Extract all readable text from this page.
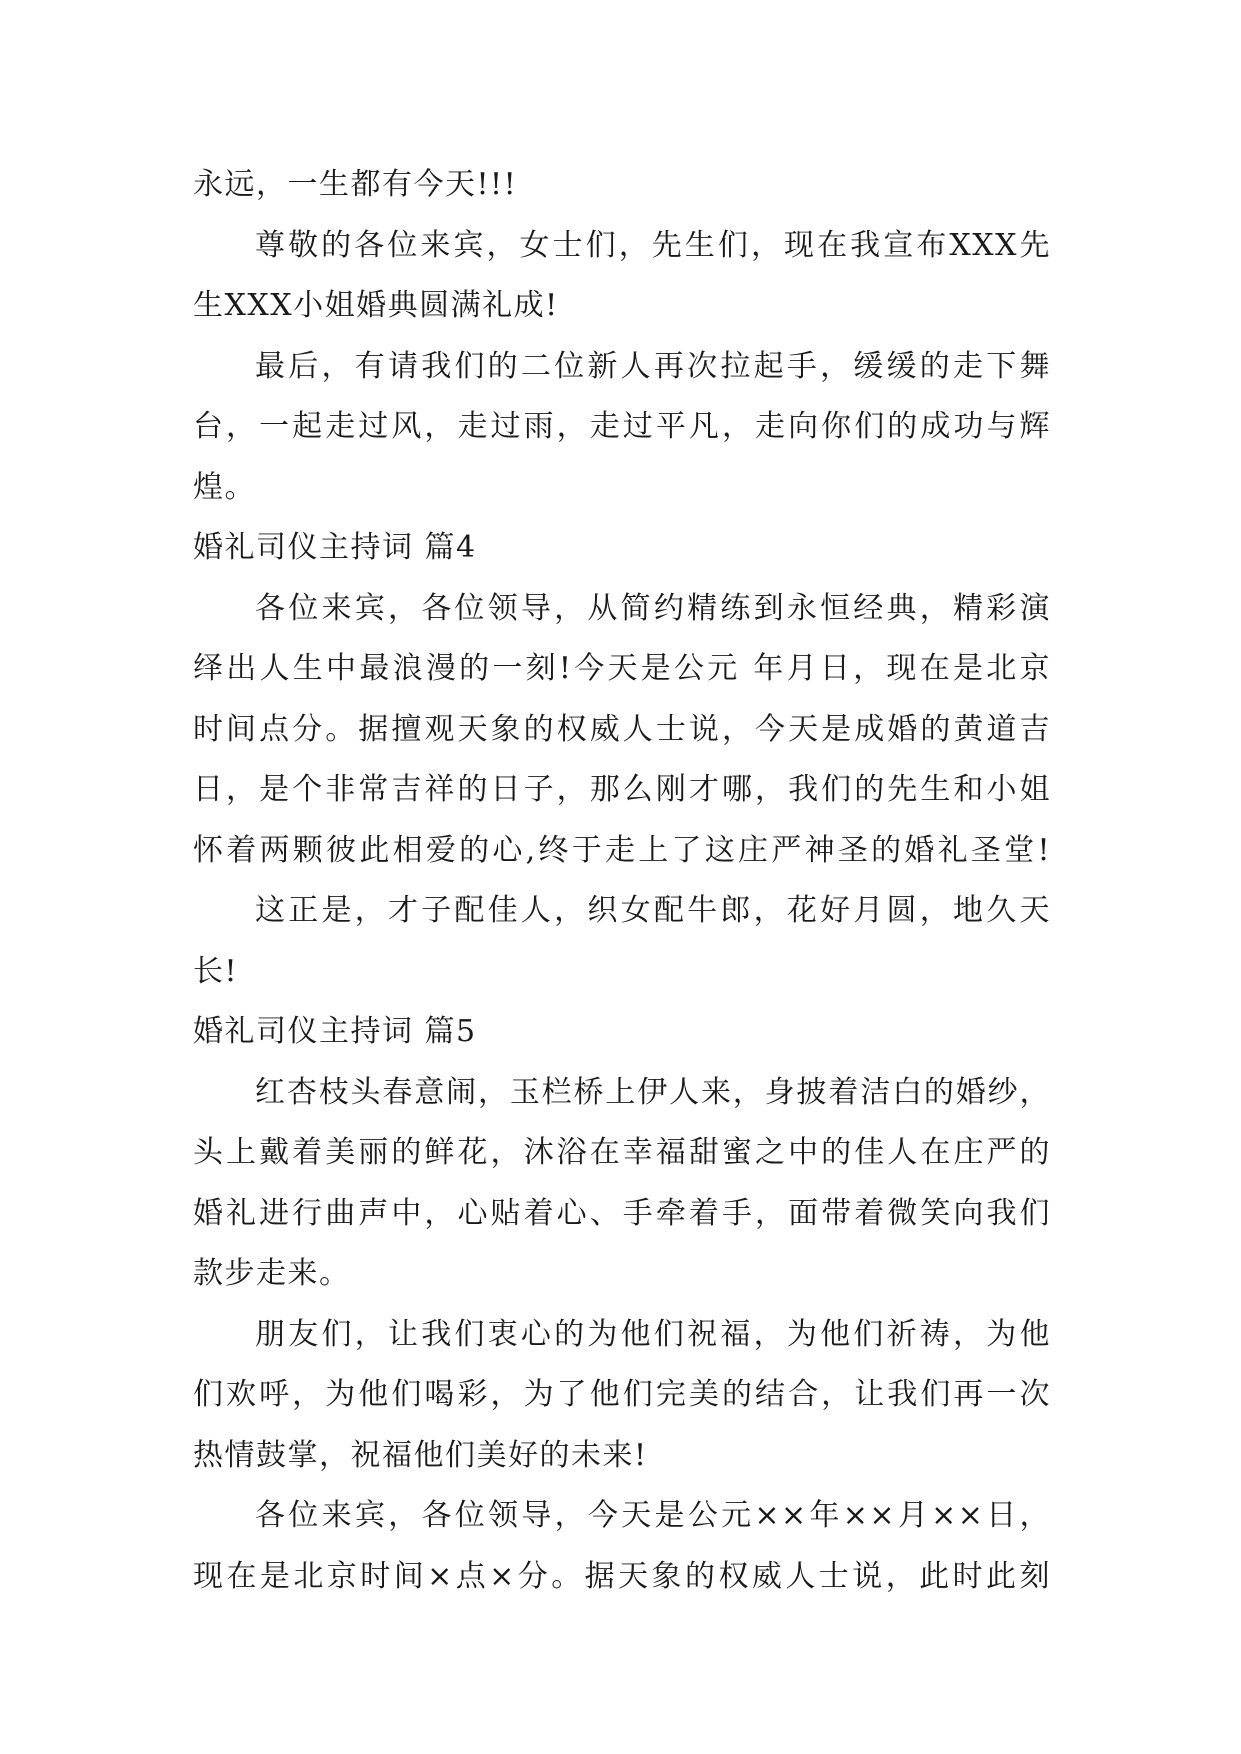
永远，一生都有今天!!!
尊敬的各位来宾，女士们，先生们，现在我宣布XXX先
生XXX小姐婚典圆满礼成!
最后，有请我们的二位新人再次拉起手，缓缓的走下舞
台，一起走过风，走过雨，走过平凡，走向你们的成功与辉
煌。
婚礼司仪主持词 篇4
各位来宾，各位领导，从简约精练到永恒经典，精彩演
绎出人生中最浪漫的一刻!今天是公元 年月日，现在是北京
时间点分。据擅观天象的权威人士说，今天是成婚的黄道吉
日，是个非常吉祥的日子，那么刚才哪，我们的先生和小姐
怀着两颗彼此相爱的心,终于走上了这庄严神圣的婚礼圣堂!
这正是，才子配佳人，织女配牛郎，花好月圆，地久天
长!
婚礼司仪主持词 篇5
红杏枝头春意闹，玉栏桥上伊人来，身披着洁白的婚纱，
头上戴着美丽的鲜花，沐浴在幸福甜蜜之中的佳人在庄严的
婚礼进行曲声中，心贴着心、手牵着手，面带着微笑向我们
款步走来。
朋友们，让我们衷心的为他们祝福，为他们祈祷，为他
们欢呼，为他们喝彩，为了他们完美的结合，让我们再一次
热情鼓掌，祝福他们美好的未来!
各位来宾，各位领导，今天是公元××年××月××日，
现在是北京时间×点×分。据天象的权威人士说，此时此刻
